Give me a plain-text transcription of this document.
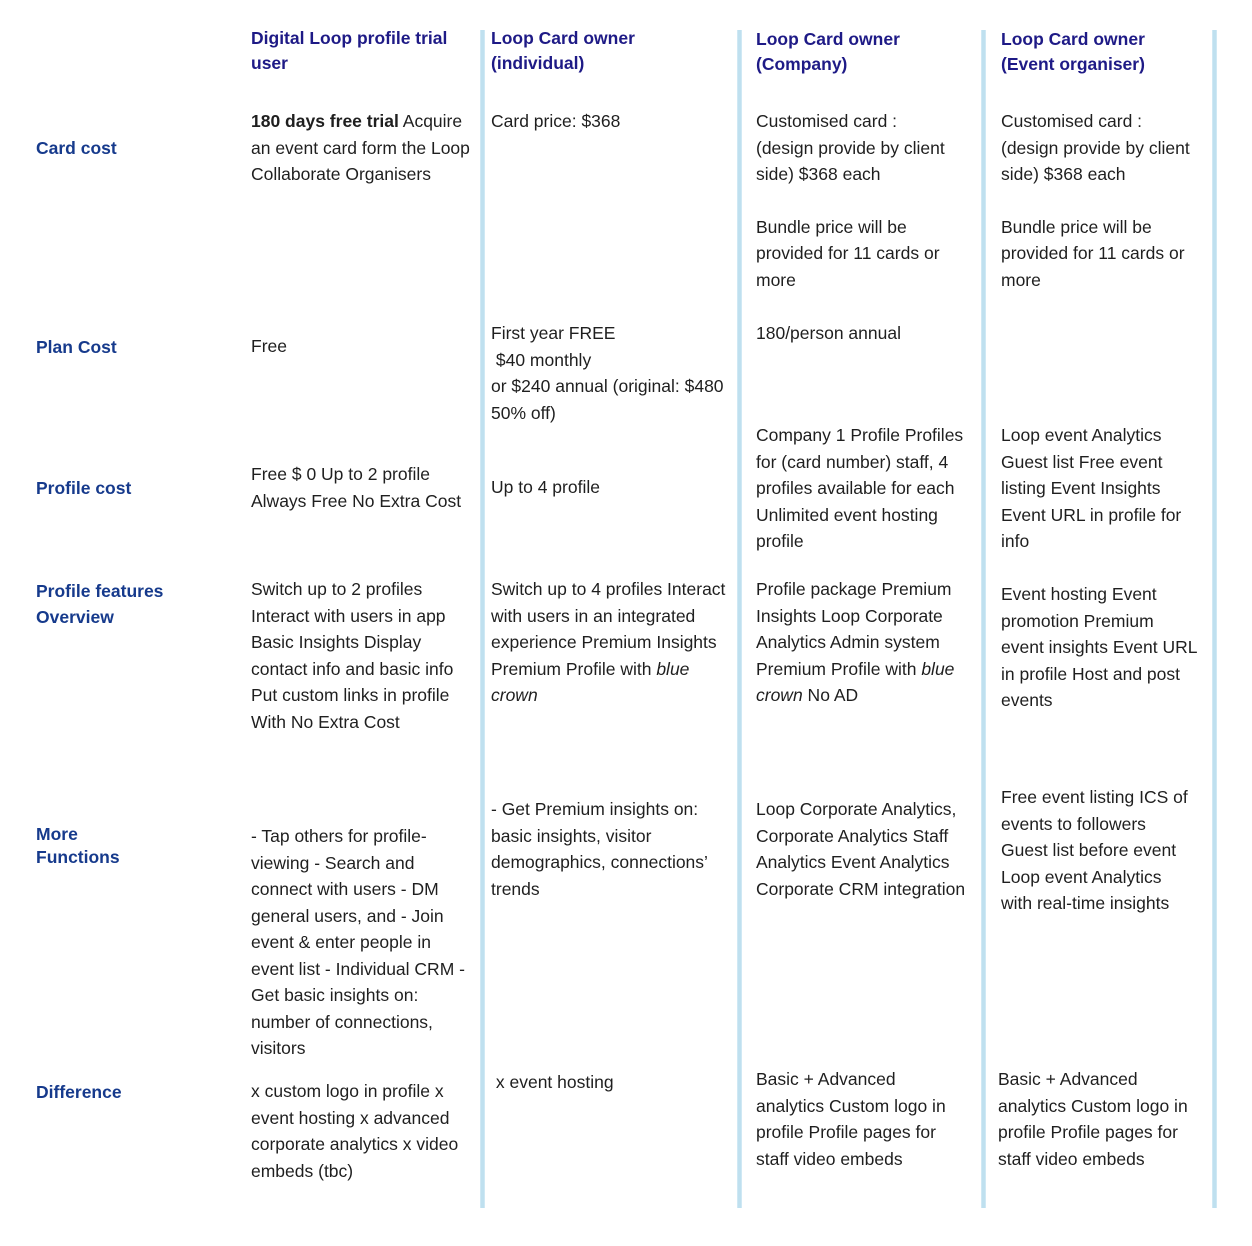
Digital Loop profile trial user
Loop Card owner (individual)
Loop Card owner
(Company)
Loop Card owner
(Event organiser)
Card cost
Plan Cost
Profile cost
Profile features
Overview
More
Functions
Difference
180 days free trial Acquire an event card form the Loop Collaborate Organisers
Card price: $368	Customised card :
(design provide by client side) $368 each
Bundle price will be provided for 11 cards or more
Customised card :
(design provide by client side) $368 each
Bundle price will be provided for 11 cards or more
Free
First year FREE
$40 monthly
or $240 annual (original: $480 50% off)
180/person annual
Free $ 0 Up to 2 profile
Always Free No Extra Cost
Up to 4 profile
Company 1 Profile Profiles for (card number) staff, 4 profiles available for each Unlimited event hosting profile
Loop event Analytics Guest list Free event listing Event Insights Event URL in profile for info
Switch up to 2 profiles Interact with users in app Basic Insights Display contact info and basic info Put custom links in profile With No Extra Cost
Switch up to 4 profiles Interact with users in an integrated experience Premium Insights Premium Profile with blue crown
Profile package Premium Insights Loop Corporate Analytics Admin system Premium Profile with blue crown No AD
Event hosting Event promotion Premium event insights Event URL in profile Host and post events
- Tap others for profile-viewing - Search and connect with users - DM general users, and - Join event & enter people in event list - Individual CRM - Get basic insights on: number of connections, visitors
- Get Premium insights on: basic insights, visitor demographics, connections’ trends
Loop Corporate Analytics, Corporate Analytics Staff Analytics Event Analytics Corporate CRM integration
Free event listing ICS of events to followers Guest list before event Loop event Analytics with real-time insights
x custom logo in profile x event hosting x advanced corporate analytics x video embeds (tbc)
x event hosting	Basic + Advanced analytics Custom logo in profile Profile pages for staff video embeds
Basic + Advanced analytics Custom logo in profile Profile pages for staff video embeds
